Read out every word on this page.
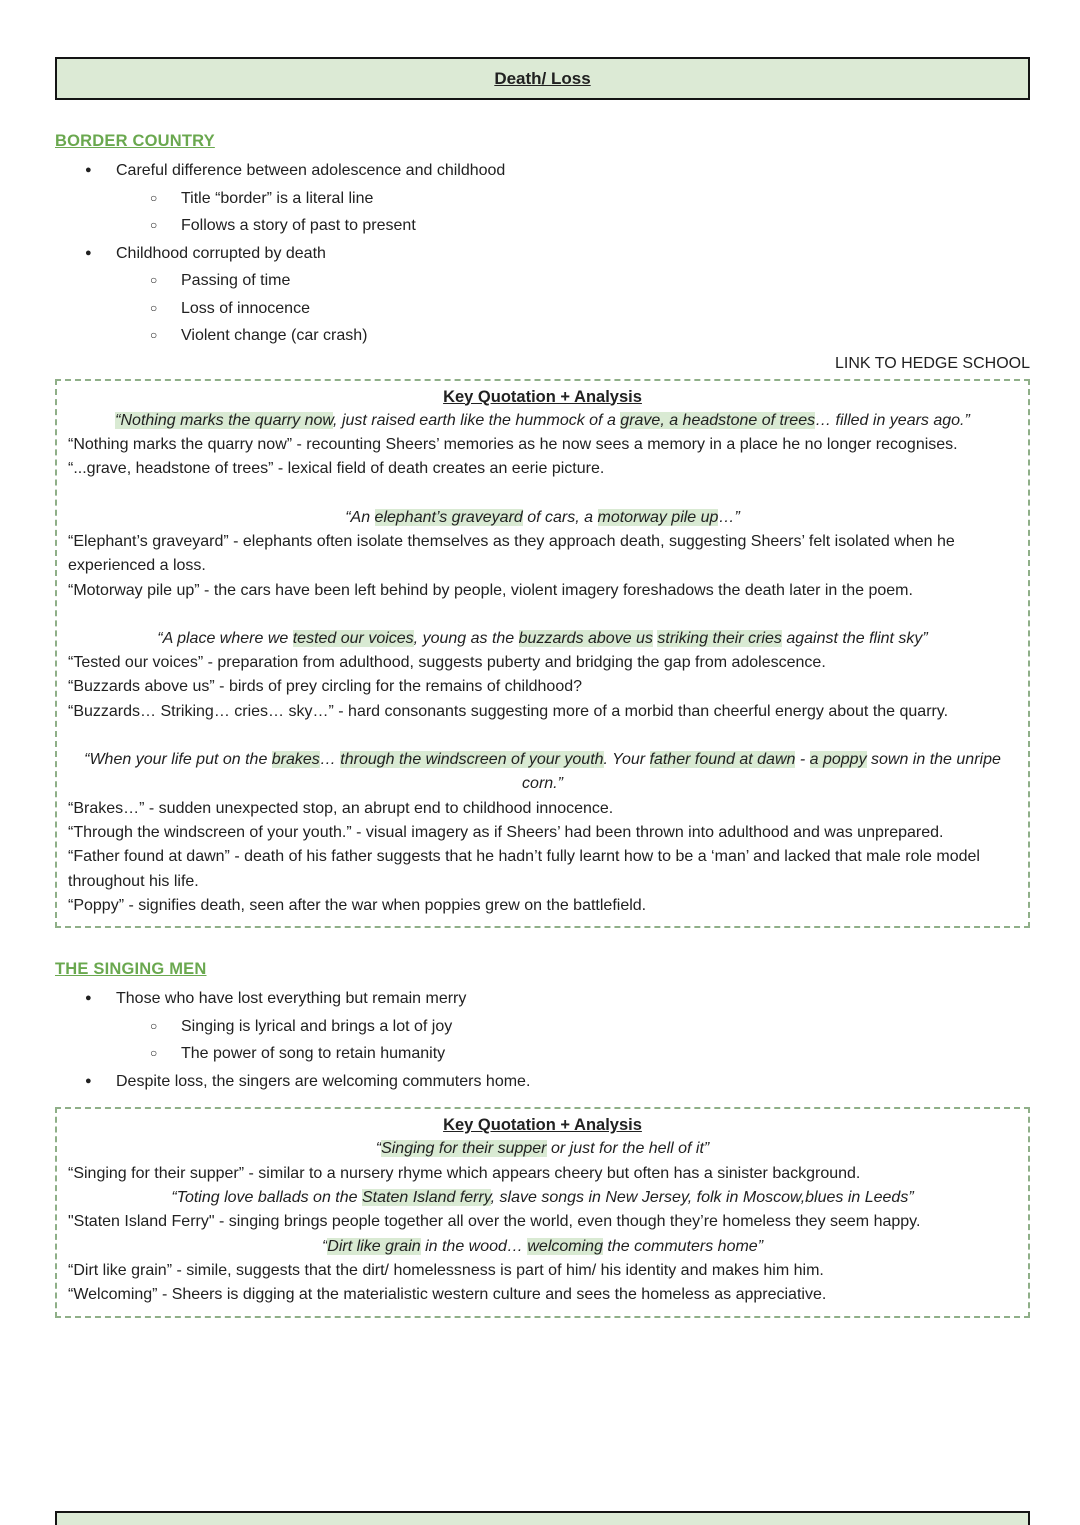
Death/ Loss
BORDER COUNTRY
●	Careful difference between adolescence and childhood
○	Title “border” is a literal line
○	Follows a story of past to present
●	Childhood corrupted by death
○	Passing of time
○	Loss of innocence
○	Violent change (car crash)
LINK TO HEDGE SCHOOL
Key Quotation + Analysis

“Nothing marks the quarry now, just raised earth like the hummock of a grave, a headstone of trees… filled in years ago.”

“Nothing marks the quarry now” - recounting Sheers’ memories as he now sees a memory in a place he no longer recognises.

“...grave, headstone of trees” - lexical field of death creates an eerie picture.

“An elephant’s graveyard of cars, a motorway pile up…”

“Elephant’s graveyard” - elephants often isolate themselves as they approach death, suggesting Sheers’ felt isolated when he experienced a loss.

“Motorway pile up” - the cars have been left behind by people, violent imagery foreshadows the death later in the poem.

“A place where we tested our voices, young as the buzzards above us striking their cries against the flint sky”

“Tested our voices” - preparation from adulthood, suggests puberty and bridging the gap from adolescence.

“Buzzards above us” - birds of prey circling for the remains of childhood?

“Buzzards… Striking… cries… sky…” - hard consonants suggesting more of a morbid than cheerful energy about the quarry.

“When your life put on the brakes… through the windscreen of your youth. Your father found at dawn - a poppy sown in the unripe corn.”

“Brakes…” - sudden unexpected stop, an abrupt end to childhood innocence.

“Through the windscreen of your youth.” - visual imagery as if Sheers’ had been thrown into adulthood and was unprepared.

“Father found at dawn” - death of his father suggests that he hadn’t fully learnt how to be a ‘man’ and lacked that male role model throughout his life.

“Poppy” - signifies death, seen after the war when poppies grew on the battlefield.

THE SINGING MEN
●	Those who have lost everything but remain merry
○	Singing is lyrical and brings a lot of joy
○	The power of song to retain humanity
●	Despite loss, the singers are welcoming commuters home.
Key Quotation + Analysis

“Singing for their supper or just for the hell of it”

“Singing for their supper” - similar to a nursery rhyme which appears cheery but often has a sinister background.

“Toting love ballads on the Staten Island ferry, slave songs in New Jersey, folk in Moscow,blues in Leeds”

"Staten Island Ferry" - singing brings people together all over the world, even though they’re homeless they seem happy.

“Dirt like grain in the wood… welcoming the commuters home”

“Dirt like grain” - simile, suggests that the dirt/ homelessness is part of him/ his identity and makes him him.

“Welcoming” - Sheers is digging at the materialistic western culture and sees the homeless as appreciative.
